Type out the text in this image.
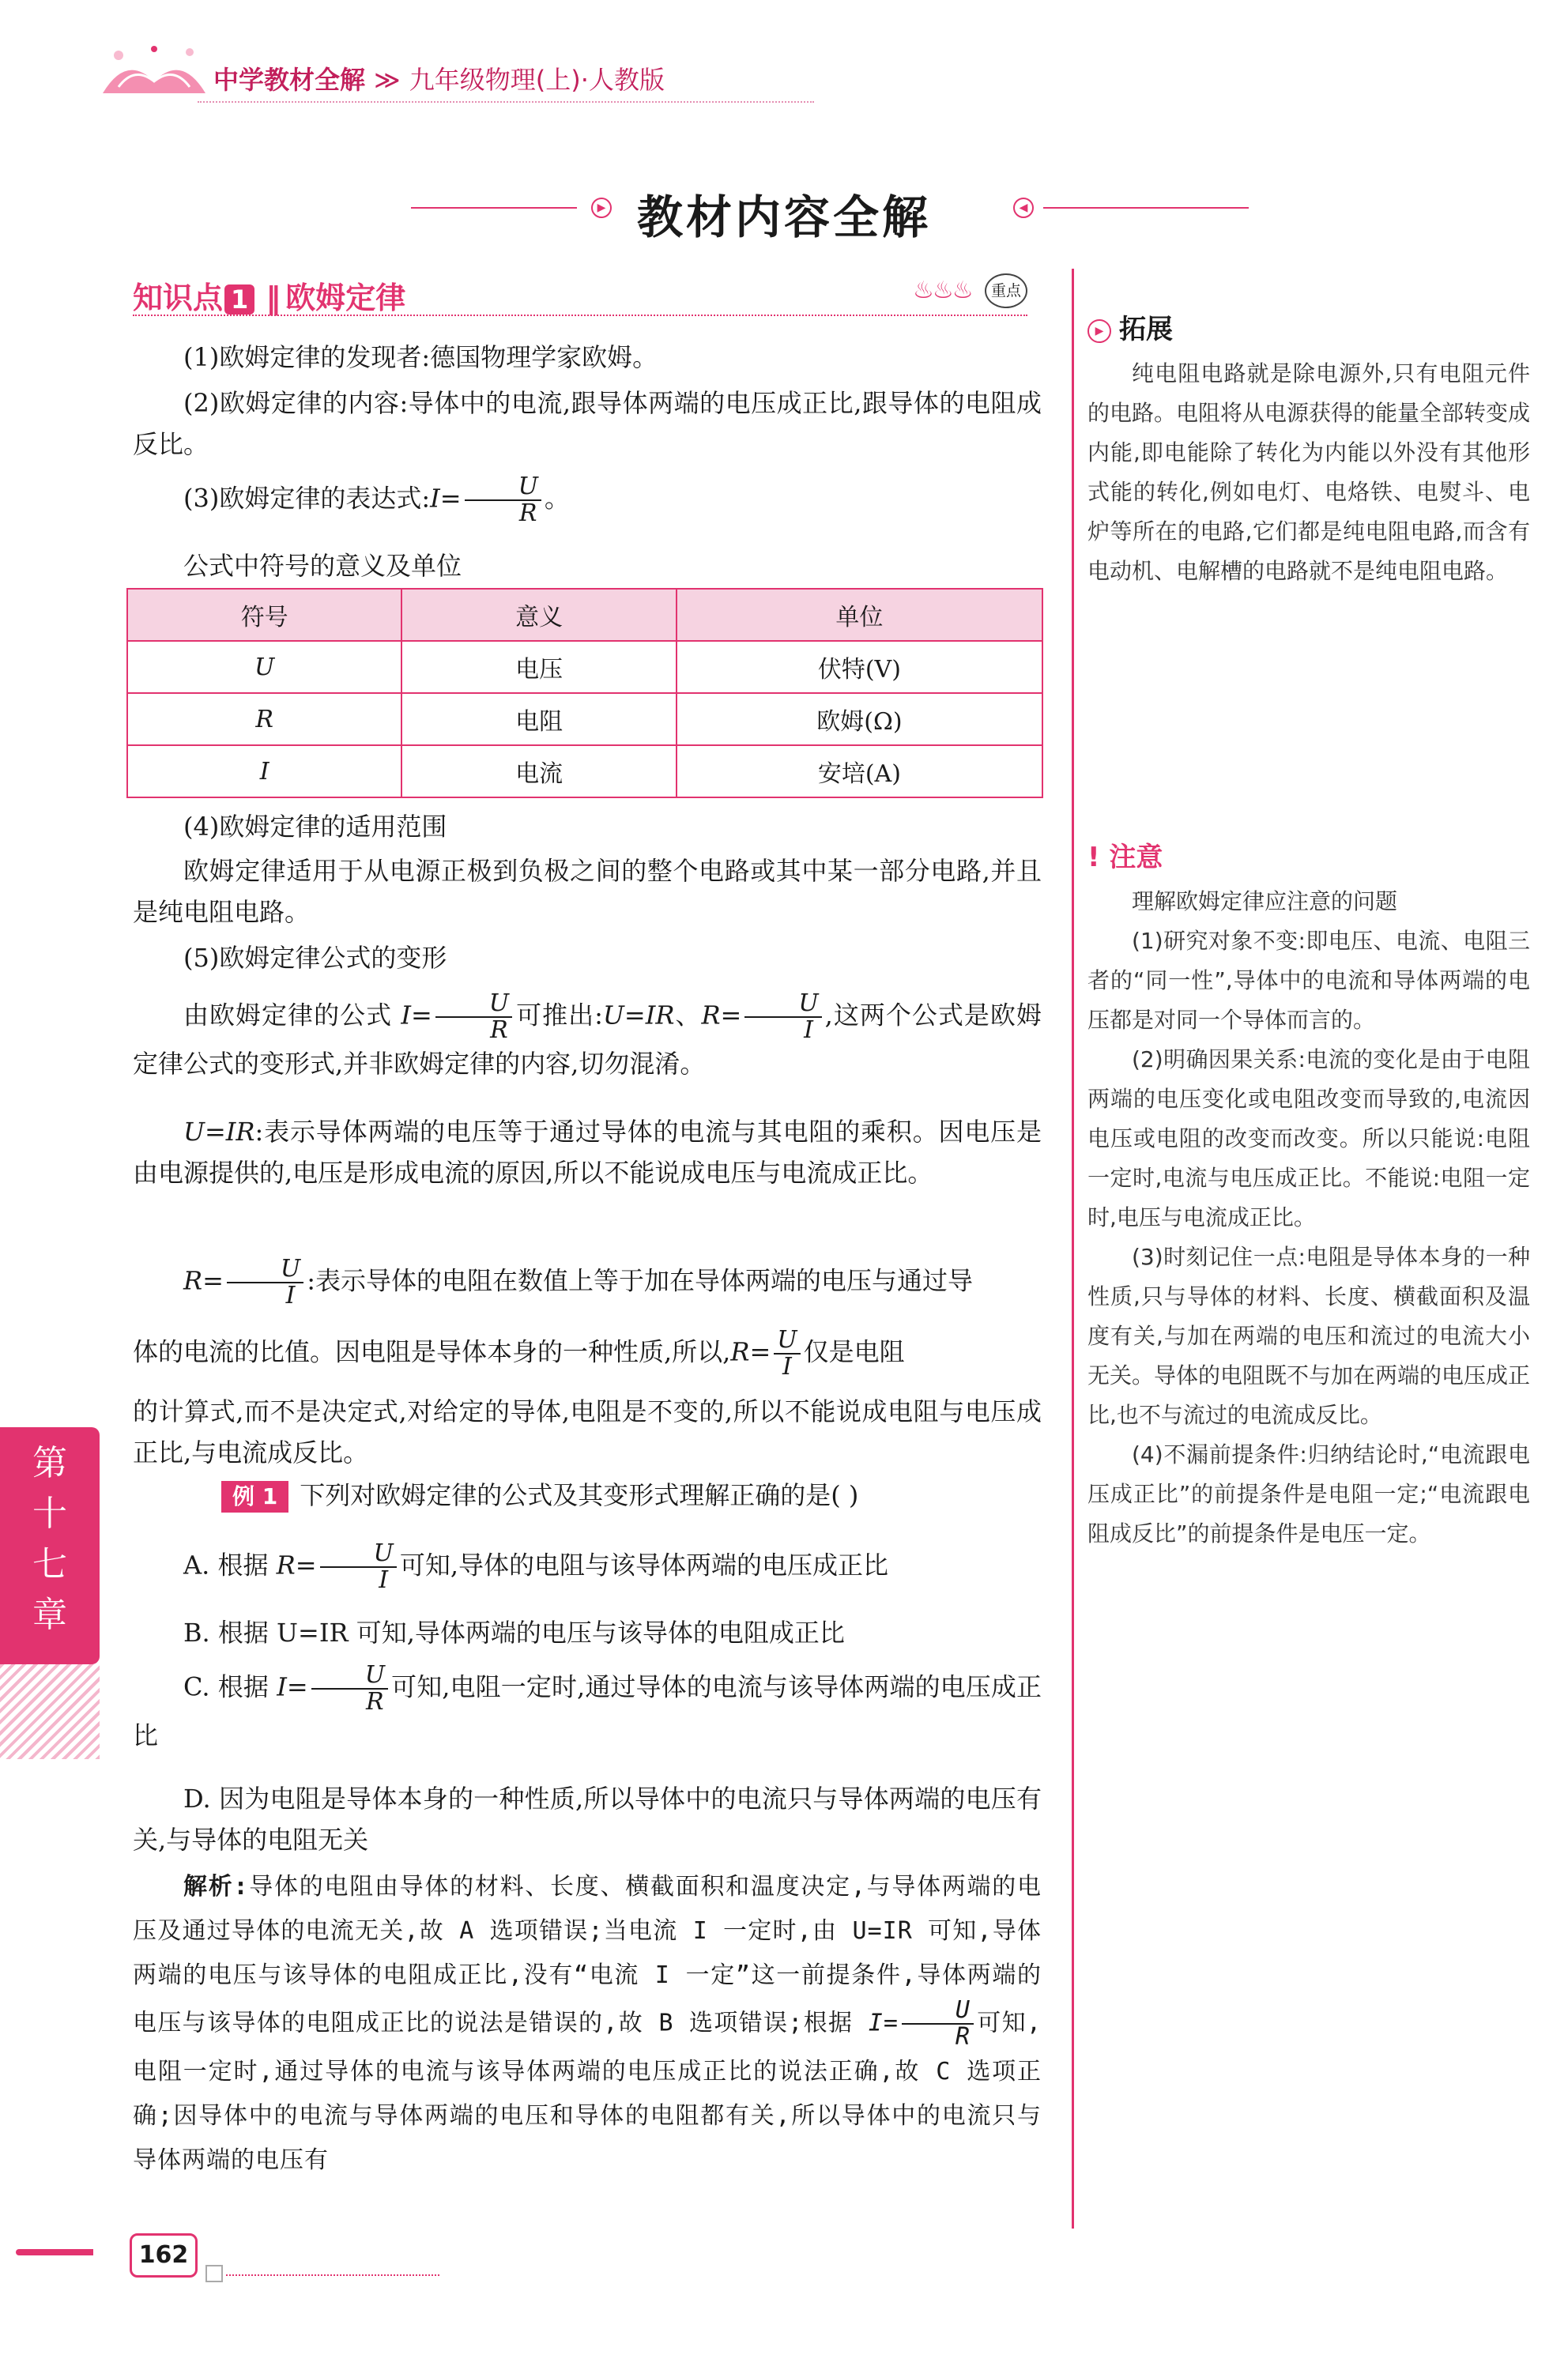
中学教材全解 ≫ 九年级物理(上)·人教版
▶	◀
教材内容全解
知识点 1 ‖ 欧姆定律	♨♨♨	重点
(1)欧姆定律的发现者:德国物理学家欧姆。
(2)欧姆定律的内容:导体中的电流,跟导体两端的电压成正比,跟导体的电阻成反比。
(3)欧姆定律的表达式:I= $\frac{U}{R}$ 。
公式中符号的意义及单位
符号	意义	单位
U	电压	伏特(V)
R	电阻	欧姆(Ω)
I	电流	安培(A)
(4)欧姆定律的适用范围
欧姆定律适用于从电源正极到负极之间的整个电路或其中某一部分电路,并且是纯电阻电路。
(5)欧姆定律公式的变形
由欧姆定律的公式 $I= \frac{U}{R}$ 可推出:U=IR、$R= \frac{U}{I}$ ,这两个公式是欧姆定律公式的变形式,并非欧姆定律的内容,切勿混淆。
U=IR:表示导体两端的电压等于通过导体的电流与其电阻的乘积。因电压是由电源提供的,电压是形成电流的原因,所以不能说成电压与电流成正比。
$R= \frac{U}{I}$ :表示导体的电阻在数值上等于加在导体两端的电压与通过导
体的电流的比值。因电阻是导体本身的一种性质,所以$,R= \frac{U}{I}$ 仅是电阻
的计算式,而不是决定式,对给定的导体,电阻是不变的,所以不能说成电阻与电压成正比,与电流成反比。
例 1 下列对欧姆定律的公式及其变形式理解正确的是( )
A. 根据 $R= \frac{U}{I}$ 可知,导体的电阻与该导体两端的电压成正比
B. 根据 U=IR 可知,导体两端的电压与该导体的电阻成正比
C. 根据 $I= \frac{U}{R}$ 可知,电阻一定时,通过导体的电流与该导体两端的电压成正比
D. 因为电阻是导体本身的一种性质,所以导体中的电流只与导体两端的电压有关,与导体的电阻无关
解析:导体的电阻由导体的材料、长度、横截面积和温度决定,与导体两端的电压及通过导体的电流无关,故 A 选项错误;当电流 I 一定时,由 U=IR 可知,导体两端的电压与该导体的电阻成正比,没有“电流 I 一定”这一前提条件,导体两端的电压与该导体的电阻成正比的说法是错误的,故 B 选项错误;根据 $I= \frac{U}{R}$ 可知,电阻一定时,通过导体的电流与该导体两端的电压成正比的说法正确,故 C 选项正确;因导体中的电流与导体两端的电压和导体的电阻都有关,所以导体中的电流只与导体两端的电压有
▶ 拓展
纯电阻电路就是除电源外,只有电阻元件的电路。电阻将从电源获得的能量全部转变成内能,即电能除了转化为内能以外没有其他形式能的转化,例如电灯、电烙铁、电熨斗、电炉等所在的电路,它们都是纯电阻电路,而含有电动机、电解槽的电路就不是纯电阻电路。
! 注意
理解欧姆定律应注意的问题
(1)研究对象不变:即电压、电流、电阻三者的“同一性”,导体中的电流和导体两端的电压都是对同一个导体而言的。
(2)明确因果关系:电流的变化是由于电阻两端的电压变化或电阻改变而导致的,电流因电压或电阻的改变而改变。所以只能说:电阻一定时,电流与电压成正比。不能说:电阻一定时,电压与电流成正比。
(3)时刻记住一点:电阻是导体本身的一种性质,只与导体的材料、长度、横截面积及温度有关,与加在两端的电压和流过的电流大小无关。导体的电阻既不与加在两端的电压成正比,也不与流过的电流成反比。
(4)不漏前提条件:归纳结论时,“电流跟电压成正比”的前提条件是电阻一定;“电流跟电阻成反比”的前提条件是电压一定。
第
十
七
章
162
